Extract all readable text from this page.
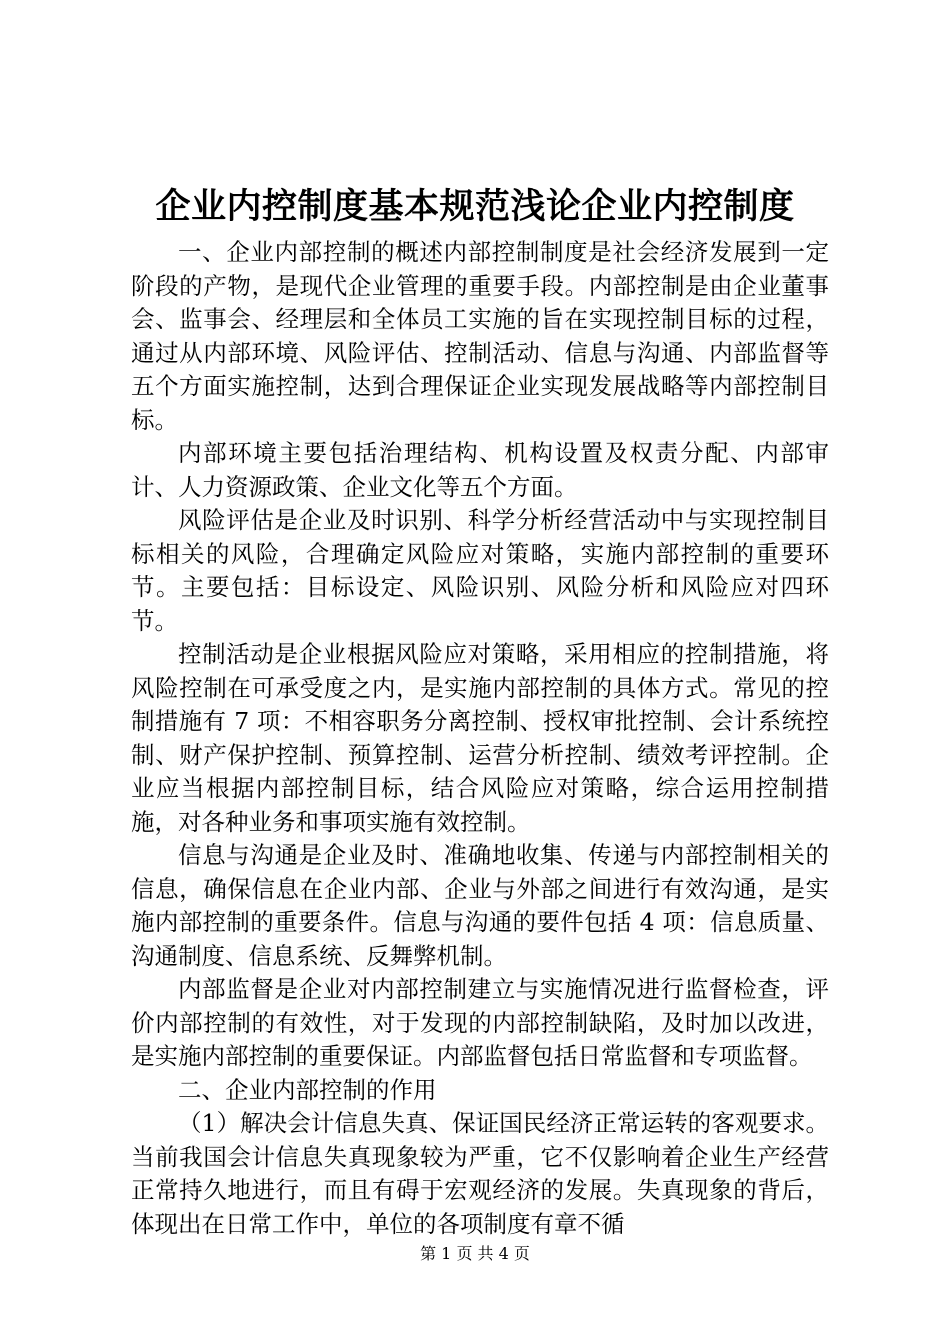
企业内控制度基本规范浅论企业内控制度

一、企业内部控制的概述内部控制制度是社会经济发展到一定阶段的产物，是现代企业管理的重要手段。内部控制是由企业董事会、监事会、经理层和全体员工实施的旨在实现控制目标的过程，通过从内部环境、风险评估、控制活动、信息与沟通、内部监督等五个方面实施控制，达到合理保证企业实现发展战略等内部控制目标。

内部环境主要包括治理结构、机构设置及权责分配、内部审计、人力资源政策、企业文化等五个方面。

风险评估是企业及时识别、科学分析经营活动中与实现控制目标相关的风险，合理确定风险应对策略，实施内部控制的重要环节。主要包括：目标设定、风险识别、风险分析和风险应对四环节。

控制活动是企业根据风险应对策略，采用相应的控制措施，将风险控制在可承受度之内，是实施内部控制的具体方式。常见的控制措施有 7 项：不相容职务分离控制、授权审批控制、会计系统控制、财产保护控制、预算控制、运营分析控制、绩效考评控制。企业应当根据内部控制目标，结合风险应对策略，综合运用控制措施，对各种业务和事项实施有效控制。

信息与沟通是企业及时、准确地收集、传递与内部控制相关的信息，确保信息在企业内部、企业与外部之间进行有效沟通，是实施内部控制的重要条件。信息与沟通的要件包括 4 项：信息质量、沟通制度、信息系统、反舞弊机制。

内部监督是企业对内部控制建立与实施情况进行监督检查，评价内部控制的有效性，对于发现的内部控制缺陷，及时加以改进，是实施内部控制的重要保证。内部监督包括日常监督和专项监督。

二、企业内部控制的作用

（1）解决会计信息失真、保证国民经济正常运转的客观要求。当前我国会计信息失真现象较为严重，它不仅影响着企业生产经营正常持久地进行，而且有碍于宏观经济的发展。失真现象的背后，体现出在日常工作中，单位的各项制度有章不循

第 1 页 共 4 页
